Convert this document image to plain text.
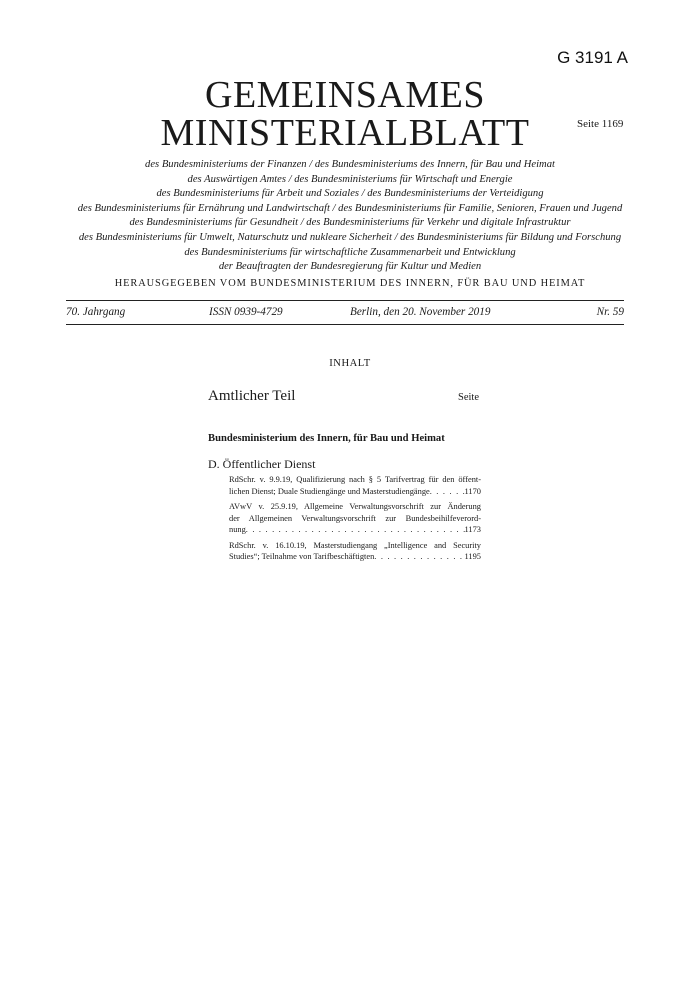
G 3191 A
GEMEINSAMES
MINISTERIALBLATT	Seite 1169
des Bundesministeriums der Finanzen / des Bundesministeriums des Innern, für Bau und Heimat
des Auswärtigen Amtes / des Bundesministeriums für Wirtschaft und Energie
des Bundesministeriums für Arbeit und Soziales / des Bundesministeriums der Verteidigung
des Bundesministeriums für Ernährung und Landwirtschaft / des Bundesministeriums für Familie, Senioren, Frauen und Jugend
des Bundesministeriums für Gesundheit / des Bundesministeriums für Verkehr und digitale Infrastruktur
des Bundesministeriums für Umwelt, Naturschutz und nukleare Sicherheit / des Bundesministeriums für Bildung und Forschung
des Bundesministeriums für wirtschaftliche Zusammenarbeit und Entwicklung
der Beauftragten der Bundesregierung für Kultur und Medien
HERAUSGEGEBEN VOM BUNDESMINISTERIUM DES INNERN, FÜR BAU UND HEIMAT
70. Jahrgang	ISSN 0939-4729	Berlin, den 20. November 2019	Nr. 59
INHALT
Amtlicher Teil	Seite
Bundesministerium des Innern, für Bau und Heimat
D. Öffentlicher Dienst
RdSchr. v. 9.9.19, Qualifizierung nach § 5 Tarifvertrag für den öffent-
lichen Dienst; Duale Studiengänge und Masterstudiengänge . . .	1170
AVwV v. 25.9.19, Allgemeine Verwaltungsvorschrift zur Änderung
der Allgemeinen Verwaltungsvorschrift zur Bundesbeihilfeverord-
nung . . .	1173
RdSchr. v. 16.10.19, Masterstudiengang „Intelligence and Security
Studies“; Teilnahme von Tarifbeschäftigten . . .	1195
